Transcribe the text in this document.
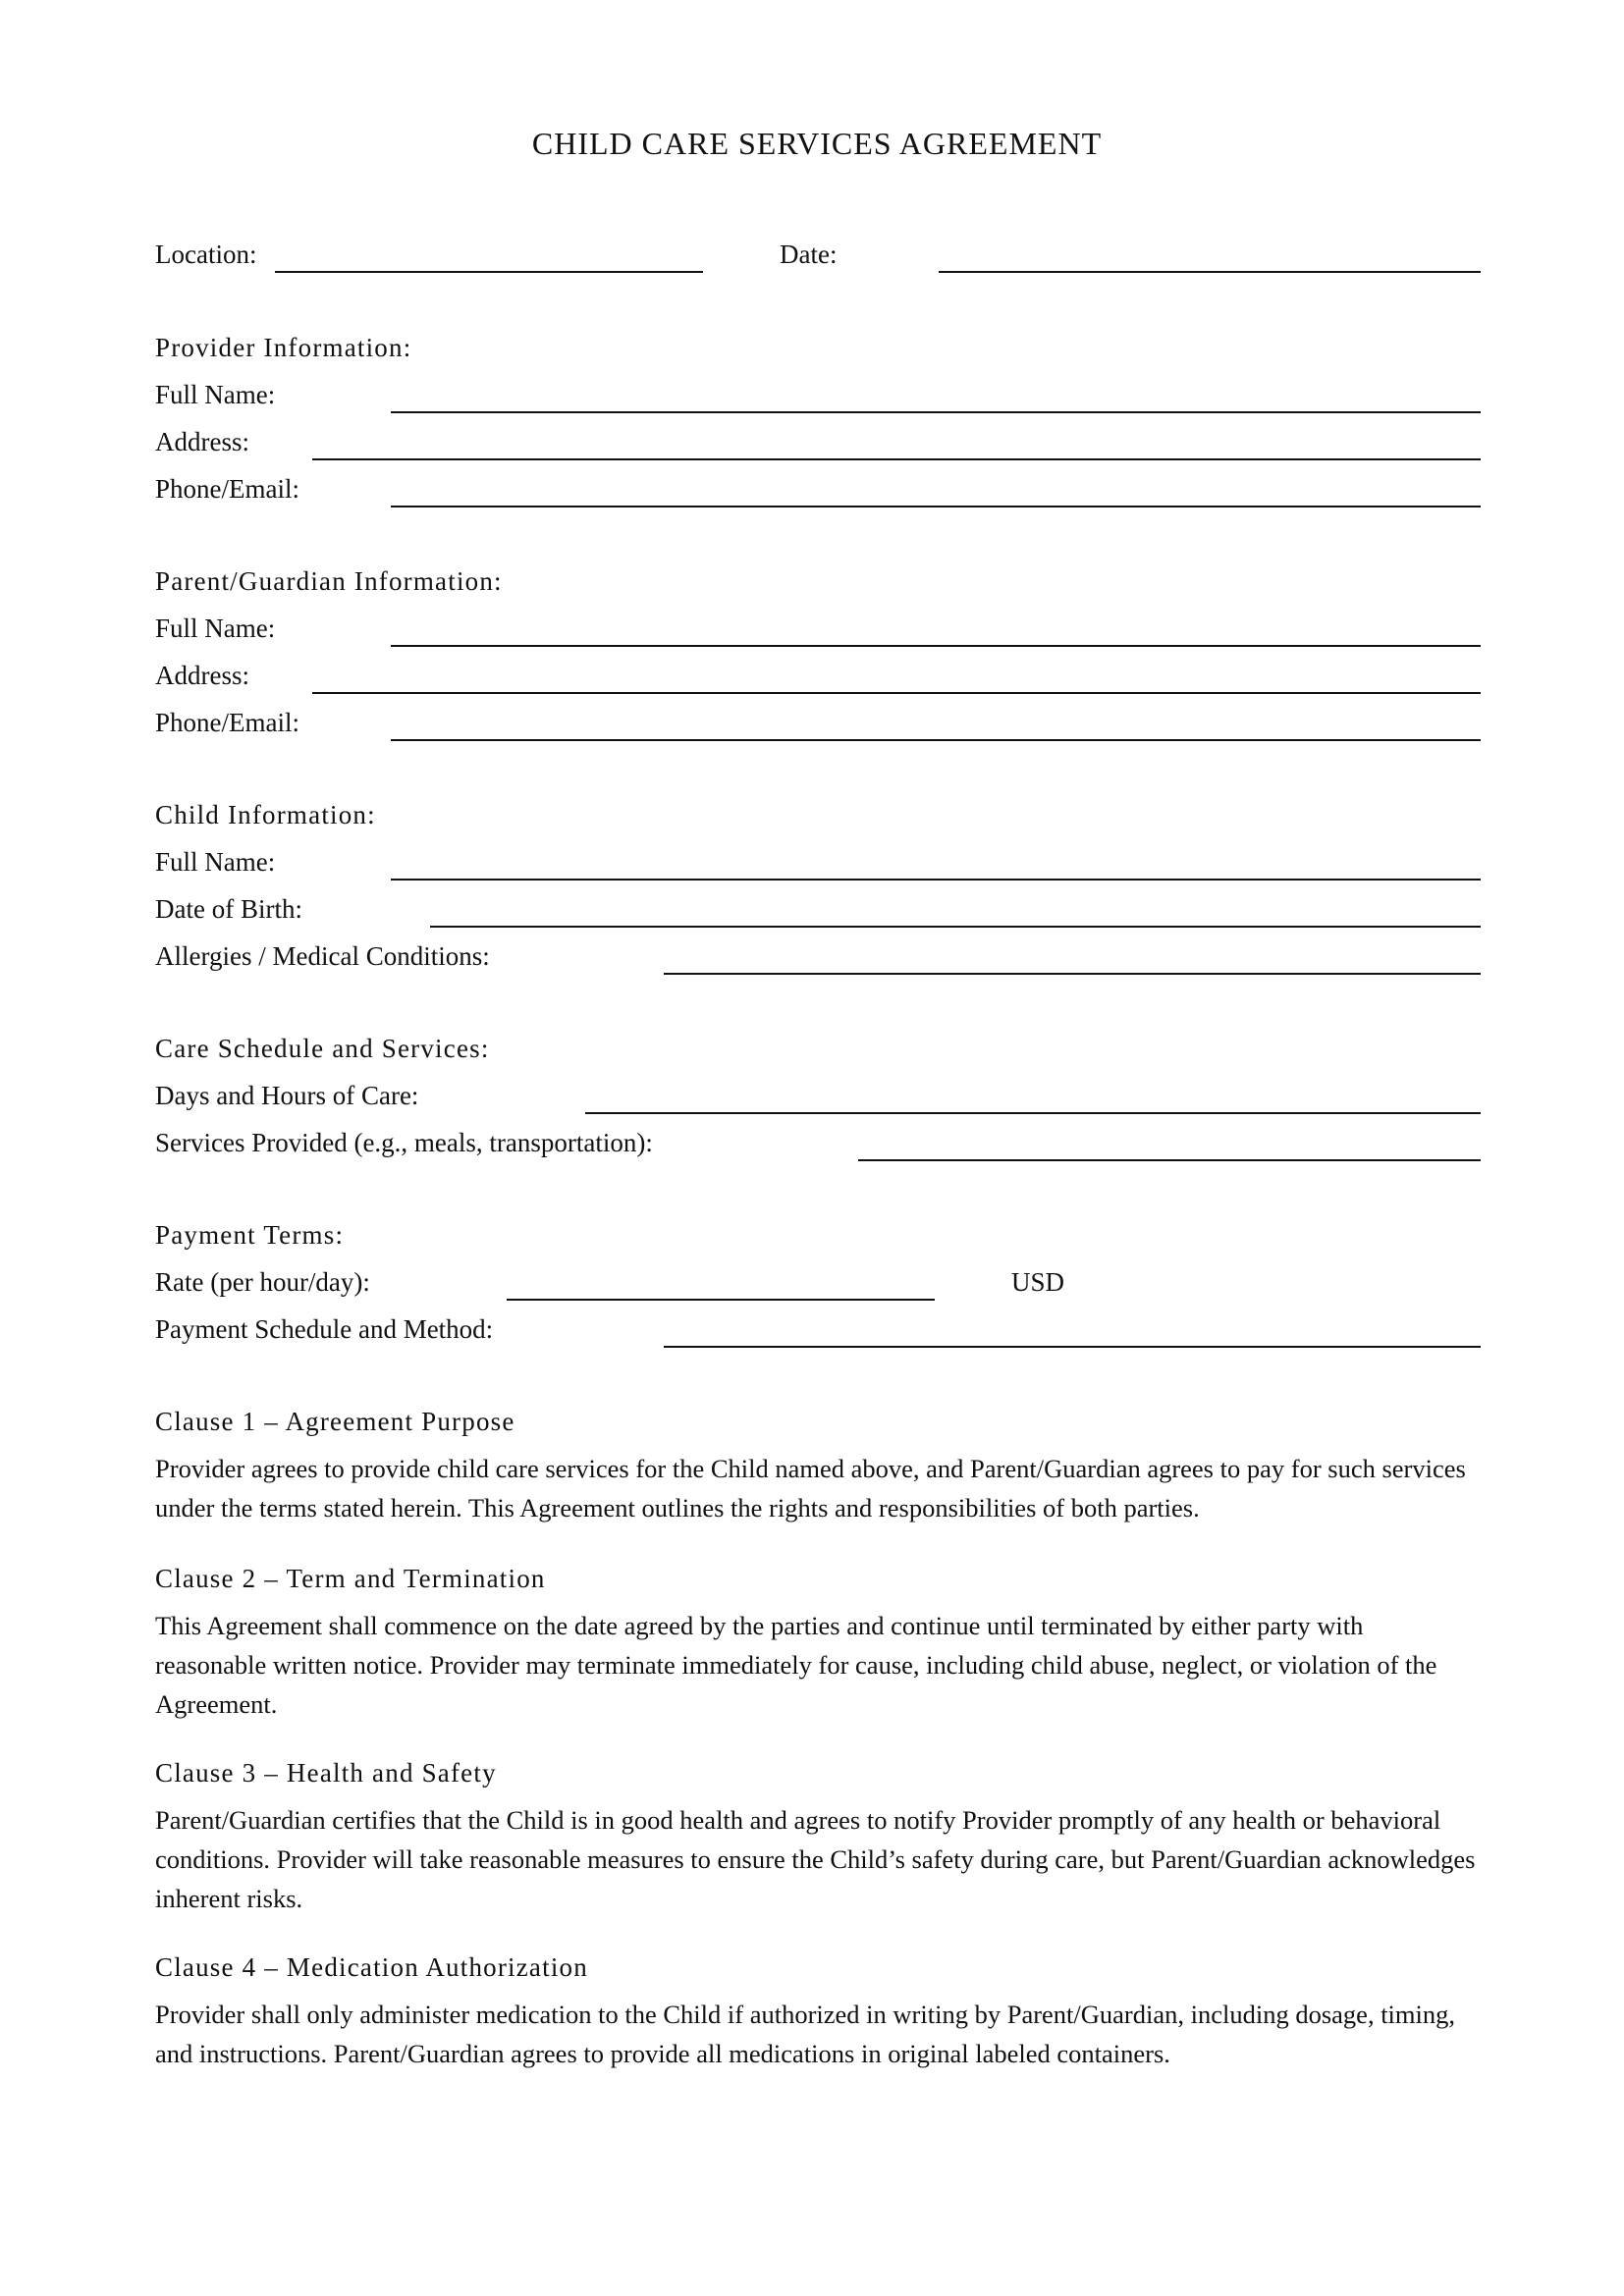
CHILD CARE SERVICES AGREEMENT
Location:	Date:
Provider Information:
Full Name:
Address:
Phone/Email:
Parent/Guardian Information:
Full Name:
Address:
Phone/Email:
Child Information:
Full Name:
Date of Birth:
Allergies / Medical Conditions:
Care Schedule and Services:
Days and Hours of Care:
Services Provided (e.g., meals, transportation):
Payment Terms:
Rate (per hour/day):	USD
Payment Schedule and Method:
Clause 1 – Agreement Purpose
Provider agrees to provide child care services for the Child named above, and Parent/Guardian agrees to pay for such services under the terms stated herein. This Agreement outlines the rights and responsibilities of both parties.
Clause 2 – Term and Termination
This Agreement shall commence on the date agreed by the parties and continue until terminated by either party with reasonable written notice. Provider may terminate immediately for cause, including child abuse, neglect, or violation of the Agreement.
Clause 3 – Health and Safety
Parent/Guardian certifies that the Child is in good health and agrees to notify Provider promptly of any health or behavioral conditions. Provider will take reasonable measures to ensure the Child’s safety during care, but Parent/Guardian acknowledges inherent risks.
Clause 4 – Medication Authorization
Provider shall only administer medication to the Child if authorized in writing by Parent/Guardian, including dosage, timing, and instructions. Parent/Guardian agrees to provide all medications in original labeled containers.
